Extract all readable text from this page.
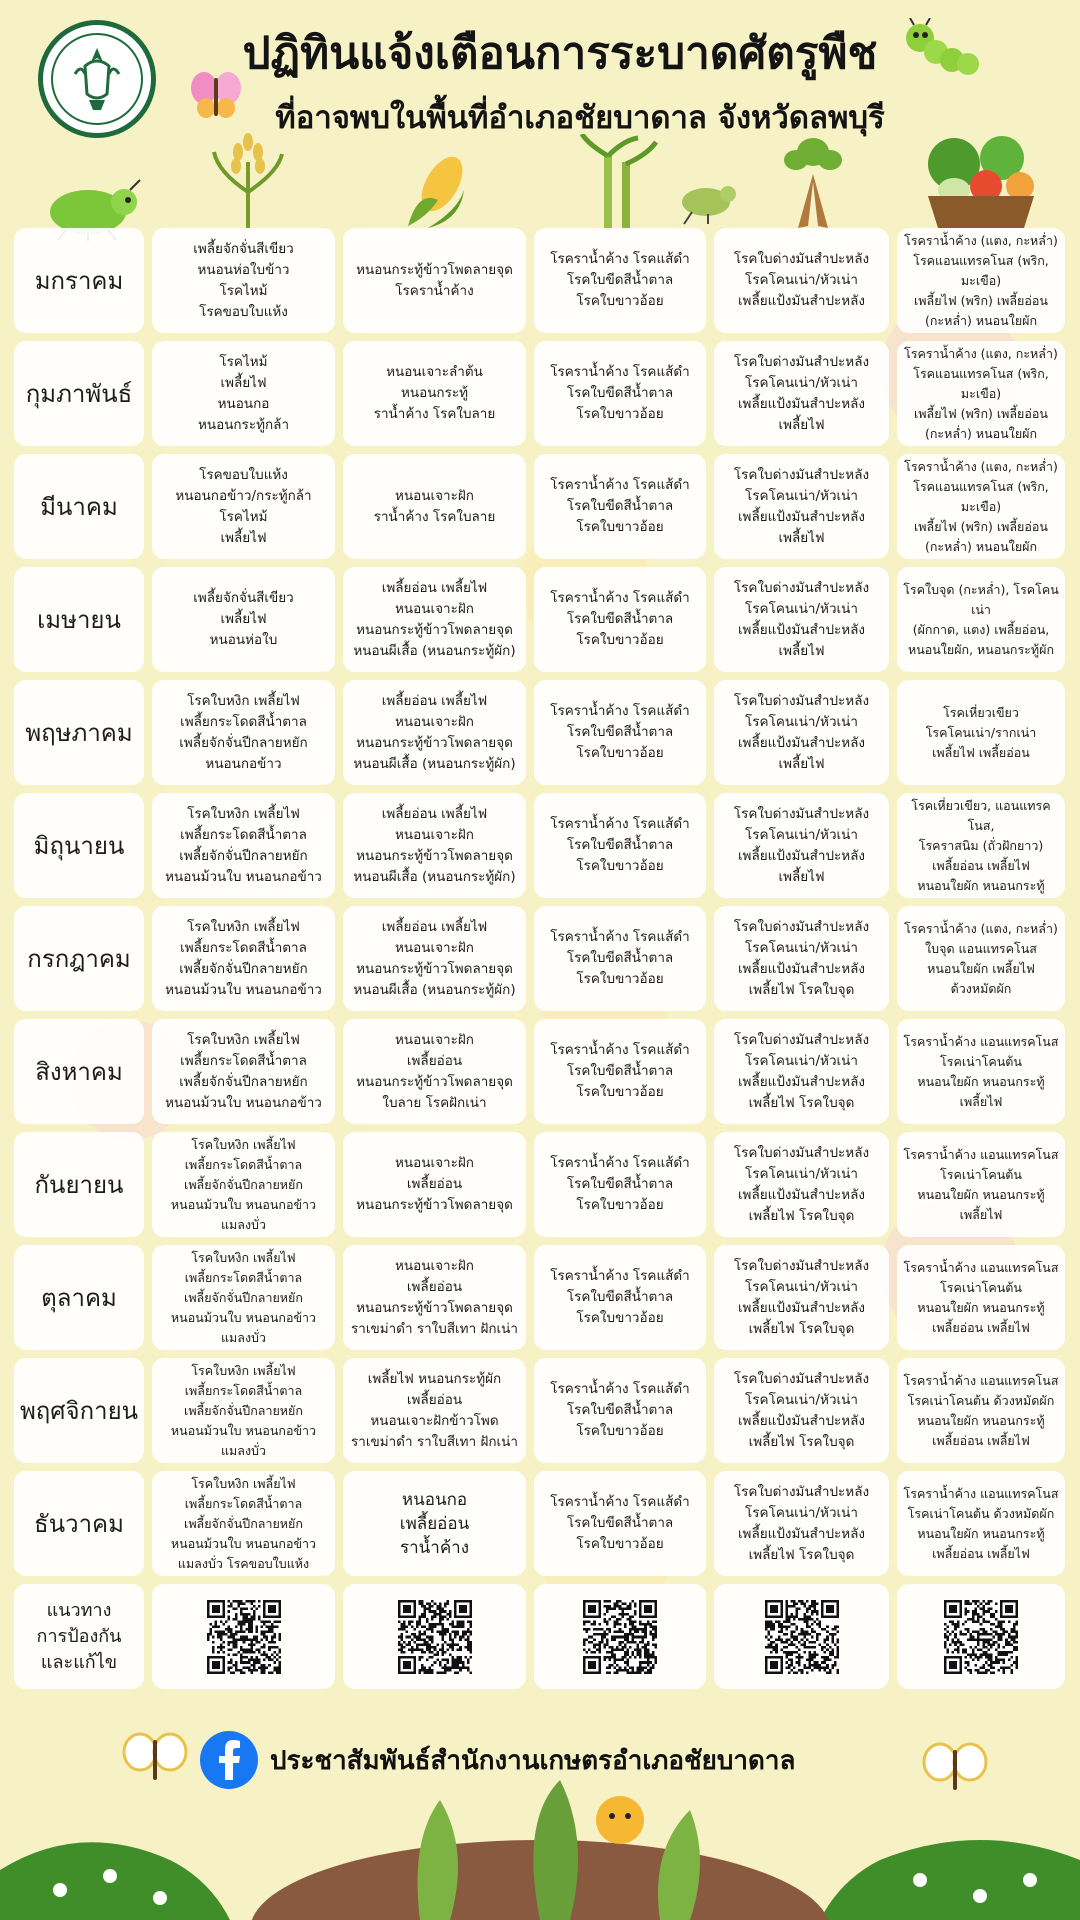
ปฏิทินแจ้งเตือนการระบาดศัตรูพืช
ที่อาจพบในพื้นที่อำเภอชัยบาดาล จังหวัดลพบุรี
มกราคม
เพลี้ยจักจั่นสีเขียว
หนอนห่อใบข้าว
โรคไหม้
โรคขอบใบแห้ง
หนอนกระทู้ข้าวโพดลายจุด
โรคราน้ำค้าง
โรคราน้ำค้าง โรคแส้ดำ
โรคใบขีดสีน้ำตาล
โรคใบขาวอ้อย
โรคใบด่างมันสำปะหลัง
โรคโคนเน่า/หัวเน่า
เพลี้ยแป้งมันสำปะหลัง
โรคราน้ำค้าง (แตง, กะหล่ำ)
โรคแอนแทรคโนส (พริก, มะเขือ)
เพลี้ยไฟ (พริก) เพลี้ยอ่อน
(กะหล่ำ) หนอนใยผัก
กุมภาพันธ์
โรคไหม้
เพลี้ยไฟ
หนอนกอ
หนอนกระทู้กล้า
หนอนเจาะลำต้น
หนอนกระทู้
ราน้ำค้าง โรคใบลาย
โรคราน้ำค้าง โรคแส้ดำ
โรคใบขีดสีน้ำตาล
โรคใบขาวอ้อย
โรคใบด่างมันสำปะหลัง
โรคโคนเน่า/หัวเน่า
เพลี้ยแป้งมันสำปะหลัง
เพลี้ยไฟ
โรคราน้ำค้าง (แตง, กะหล่ำ)
โรคแอนแทรคโนส (พริก, มะเขือ)
เพลี้ยไฟ (พริก) เพลี้ยอ่อน
(กะหล่ำ) หนอนใยผัก
มีนาคม
โรคขอบใบแห้ง
หนอนกอข้าว/กระทู้กล้า
โรคไหม้
เพลี้ยไฟ
หนอนเจาะฝัก
ราน้ำค้าง โรคใบลาย
โรคราน้ำค้าง โรคแส้ดำ
โรคใบขีดสีน้ำตาล
โรคใบขาวอ้อย
โรคใบด่างมันสำปะหลัง
โรคโคนเน่า/หัวเน่า
เพลี้ยแป้งมันสำปะหลัง
เพลี้ยไฟ
โรคราน้ำค้าง (แตง, กะหล่ำ)
โรคแอนแทรคโนส (พริก, มะเขือ)
เพลี้ยไฟ (พริก) เพลี้ยอ่อน
(กะหล่ำ) หนอนใยผัก
เมษายน
เพลี้ยจักจั่นสีเขียว
เพลี้ยไฟ
หนอนห่อใบ
เพลี้ยอ่อน เพลี้ยไฟ
หนอนเจาะฝัก
หนอนกระทู้ข้าวโพดลายจุด
หนอนผีเสื้อ (หนอนกระทู้ผัก)
โรคราน้ำค้าง โรคแส้ดำ
โรคใบขีดสีน้ำตาล
โรคใบขาวอ้อย
โรคใบด่างมันสำปะหลัง
โรคโคนเน่า/หัวเน่า
เพลี้ยแป้งมันสำปะหลัง
เพลี้ยไฟ
โรคใบจุด (กะหล่ำ), โรคโคนเน่า
(ผักกาด, แตง) เพลี้ยอ่อน,
หนอนใยผัก, หนอนกระทู้ผัก
พฤษภาคม
โรคใบหงิก เพลี้ยไฟ
เพลี้ยกระโดดสีน้ำตาล
เพลี้ยจักจั่นปีกลายหยัก
หนอนกอข้าว
เพลี้ยอ่อน เพลี้ยไฟ
หนอนเจาะฝัก
หนอนกระทู้ข้าวโพดลายจุด
หนอนผีเสื้อ (หนอนกระทู้ผัก)
โรคราน้ำค้าง โรคแส้ดำ
โรคใบขีดสีน้ำตาล
โรคใบขาวอ้อย
โรคใบด่างมันสำปะหลัง
โรคโคนเน่า/หัวเน่า
เพลี้ยแป้งมันสำปะหลัง
เพลี้ยไฟ
โรคเหี่ยวเขียว
โรคโคนเน่า/รากเน่า
เพลี้ยไฟ เพลี้ยอ่อน
มิถุนายน
โรคใบหงิก เพลี้ยไฟ
เพลี้ยกระโดดสีน้ำตาล
เพลี้ยจักจั่นปีกลายหยัก
หนอนม้วนใบ หนอนกอข้าว
เพลี้ยอ่อน เพลี้ยไฟ
หนอนเจาะฝัก
หนอนกระทู้ข้าวโพดลายจุด
หนอนผีเสื้อ (หนอนกระทู้ผัก)
โรคราน้ำค้าง โรคแส้ดำ
โรคใบขีดสีน้ำตาล
โรคใบขาวอ้อย
โรคใบด่างมันสำปะหลัง
โรคโคนเน่า/หัวเน่า
เพลี้ยแป้งมันสำปะหลัง
เพลี้ยไฟ
โรคเหี่ยวเขียว, แอนแทรคโนส,
โรคราสนิม (ถั่วฝักยาว)
เพลี้ยอ่อน เพลี้ยไฟ
หนอนใยผัก หนอนกระทู้
กรกฎาคม
โรคใบหงิก เพลี้ยไฟ
เพลี้ยกระโดดสีน้ำตาล
เพลี้ยจักจั่นปีกลายหยัก
หนอนม้วนใบ หนอนกอข้าว
เพลี้ยอ่อน เพลี้ยไฟ
หนอนเจาะฝัก
หนอนกระทู้ข้าวโพดลายจุด
หนอนผีเสื้อ (หนอนกระทู้ผัก)
โรคราน้ำค้าง โรคแส้ดำ
โรคใบขีดสีน้ำตาล
โรคใบขาวอ้อย
โรคใบด่างมันสำปะหลัง
โรคโคนเน่า/หัวเน่า
เพลี้ยแป้งมันสำปะหลัง
เพลี้ยไฟ โรคใบจุด
โรคราน้ำค้าง (แตง, กะหล่ำ)
ใบจุด แอนแทรคโนส
หนอนใยผัก เพลี้ยไฟ
ด้วงหมัดผัก
สิงหาคม
โรคใบหงิก เพลี้ยไฟ
เพลี้ยกระโดดสีน้ำตาล
เพลี้ยจักจั่นปีกลายหยัก
หนอนม้วนใบ หนอนกอข้าว
หนอนเจาะฝัก
เพลี้ยอ่อน
หนอนกระทู้ข้าวโพดลายจุด
ใบลาย โรคฝักเน่า
โรคราน้ำค้าง โรคแส้ดำ
โรคใบขีดสีน้ำตาล
โรคใบขาวอ้อย
โรคใบด่างมันสำปะหลัง
โรคโคนเน่า/หัวเน่า
เพลี้ยแป้งมันสำปะหลัง
เพลี้ยไฟ โรคใบจุด
โรคราน้ำค้าง แอนแทรคโนส
โรคเน่าโคนต้น
หนอนใยผัก หนอนกระทู้
เพลี้ยไฟ
กันยายน
โรคใบหงิก เพลี้ยไฟ
เพลี้ยกระโดดสีน้ำตาล
เพลี้ยจักจั่นปีกลายหยัก
หนอนม้วนใบ หนอนกอข้าว
แมลงบั่ว
หนอนเจาะฝัก
เพลี้ยอ่อน
หนอนกระทู้ข้าวโพดลายจุด
โรคราน้ำค้าง โรคแส้ดำ
โรคใบขีดสีน้ำตาล
โรคใบขาวอ้อย
โรคใบด่างมันสำปะหลัง
โรคโคนเน่า/หัวเน่า
เพลี้ยแป้งมันสำปะหลัง
เพลี้ยไฟ โรคใบจุด
โรคราน้ำค้าง แอนแทรคโนส
โรคเน่าโคนต้น
หนอนใยผัก หนอนกระทู้
เพลี้ยไฟ
ตุลาคม
โรคใบหงิก เพลี้ยไฟ
เพลี้ยกระโดดสีน้ำตาล
เพลี้ยจักจั่นปีกลายหยัก
หนอนม้วนใบ หนอนกอข้าว
แมลงบั่ว
หนอนเจาะฝัก
เพลี้ยอ่อน
หนอนกระทู้ข้าวโพดลายจุด
ราเขม่าดำ ราใบสีเทา ฝักเน่า
โรคราน้ำค้าง โรคแส้ดำ
โรคใบขีดสีน้ำตาล
โรคใบขาวอ้อย
โรคใบด่างมันสำปะหลัง
โรคโคนเน่า/หัวเน่า
เพลี้ยแป้งมันสำปะหลัง
เพลี้ยไฟ โรคใบจุด
โรคราน้ำค้าง แอนแทรคโนส
โรคเน่าโคนต้น
หนอนใยผัก หนอนกระทู้
เพลี้ยอ่อน เพลี้ยไฟ
พฤศจิกายน
โรคใบหงิก เพลี้ยไฟ
เพลี้ยกระโดดสีน้ำตาล
เพลี้ยจักจั่นปีกลายหยัก
หนอนม้วนใบ หนอนกอข้าว
แมลงบั่ว
เพลี้ยไฟ หนอนกระทู้ผัก
เพลี้ยอ่อน
หนอนเจาะฝักข้าวโพด
ราเขม่าดำ ราใบสีเทา ฝักเน่า
โรคราน้ำค้าง โรคแส้ดำ
โรคใบขีดสีน้ำตาล
โรคใบขาวอ้อย
โรคใบด่างมันสำปะหลัง
โรคโคนเน่า/หัวเน่า
เพลี้ยแป้งมันสำปะหลัง
เพลี้ยไฟ โรคใบจุด
โรคราน้ำค้าง แอนแทรคโนส
โรคเน่าโคนต้น ด้วงหมัดผัก
หนอนใยผัก หนอนกระทู้
เพลี้ยอ่อน เพลี้ยไฟ
ธันวาคม
โรคใบหงิก เพลี้ยไฟ
เพลี้ยกระโดดสีน้ำตาล
เพลี้ยจักจั่นปีกลายหยัก
หนอนม้วนใบ หนอนกอข้าว
แมลงบั่ว โรคขอบใบแห้ง
หนอนกอ
เพลี้ยอ่อน
ราน้ำค้าง
โรคราน้ำค้าง โรคแส้ดำ
โรคใบขีดสีน้ำตาล
โรคใบขาวอ้อย
โรคใบด่างมันสำปะหลัง
โรคโคนเน่า/หัวเน่า
เพลี้ยแป้งมันสำปะหลัง
เพลี้ยไฟ โรคใบจุด
โรคราน้ำค้าง แอนแทรคโนส
โรคเน่าโคนต้น ด้วงหมัดผัก
หนอนใยผัก หนอนกระทู้
เพลี้ยอ่อน เพลี้ยไฟ
แนวทาง
การป้องกัน
และแก้ไข
ประชาสัมพันธ์สำนักงานเกษตรอำเภอชัยบาดาล
